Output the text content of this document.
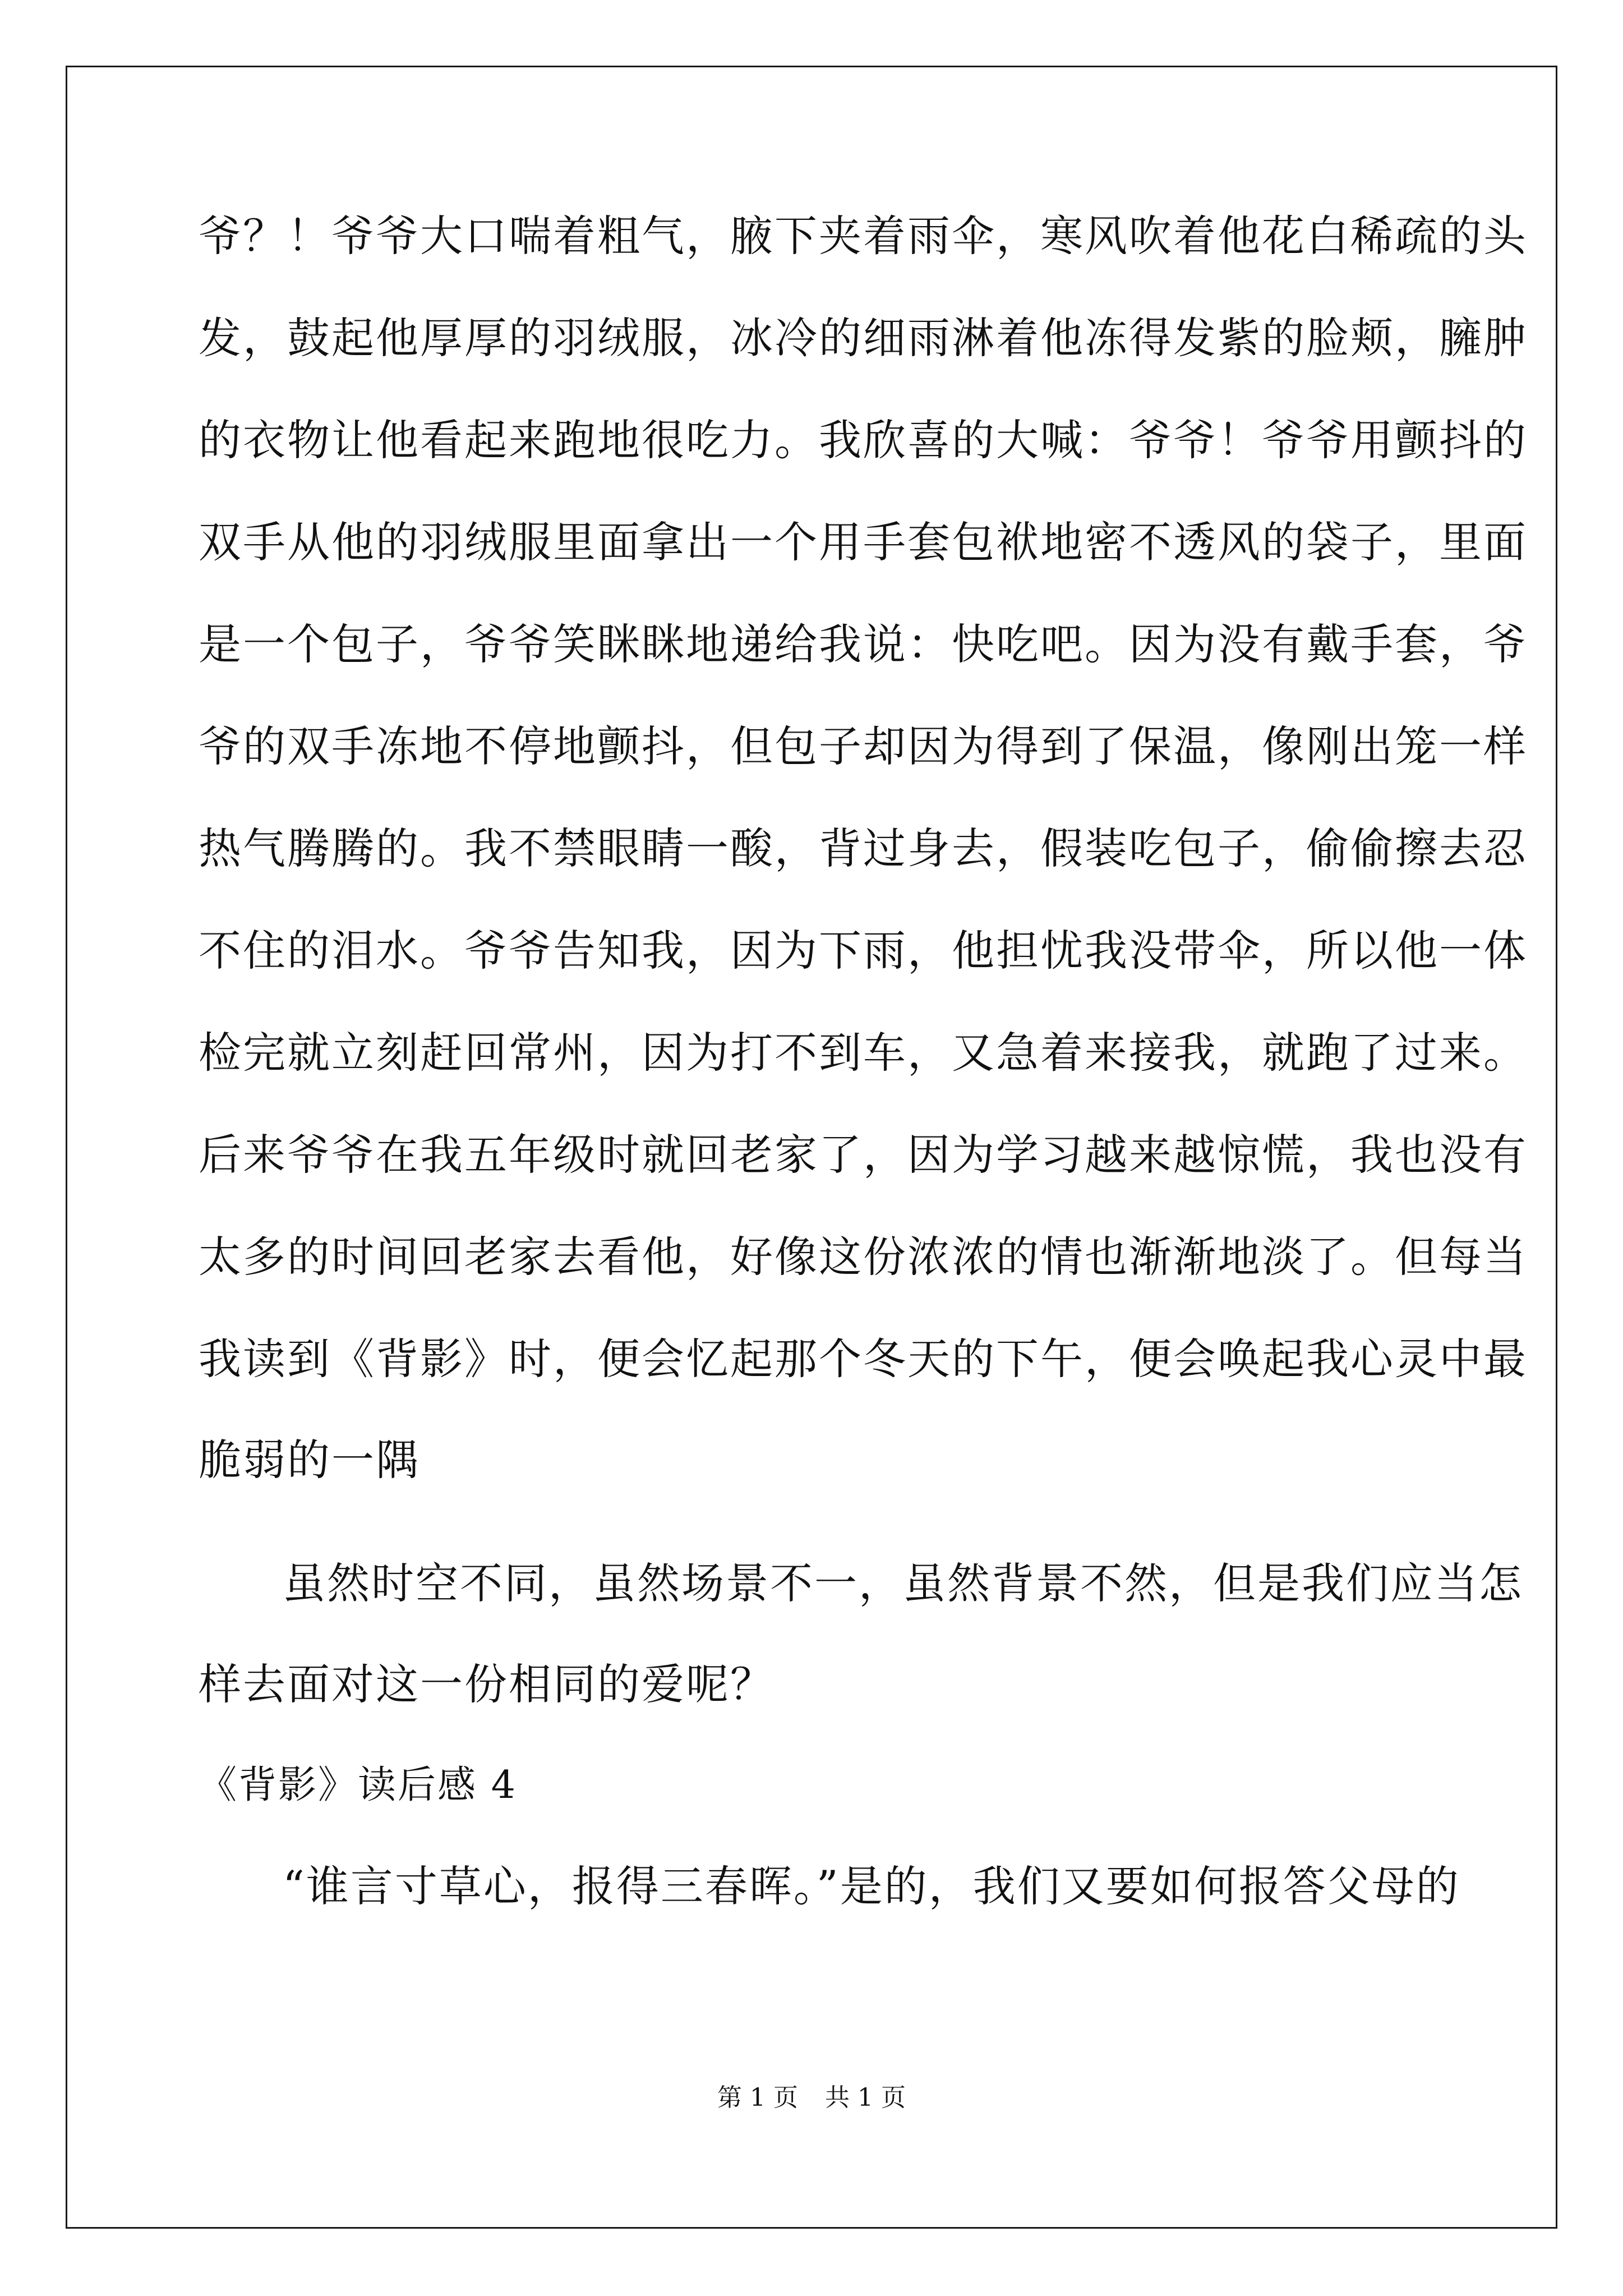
爷？！爷爷大口喘着粗气，腋下夹着雨伞，寒风吹着他花白稀疏的头
发，鼓起他厚厚的羽绒服，冰冷的细雨淋着他冻得发紫的脸颊，臃肿
的衣物让他看起来跑地很吃力。我欣喜的大喊：爷爷！爷爷用颤抖的
双手从他的羽绒服里面拿出一个用手套包袱地密不透风的袋子，里面
是一个包子，爷爷笑眯眯地递给我说：快吃吧。因为没有戴手套，爷
爷的双手冻地不停地颤抖，但包子却因为得到了保温，像刚出笼一样
热气腾腾的。我不禁眼睛一酸，背过身去，假装吃包子，偷偷擦去忍
不住的泪水。爷爷告知我，因为下雨，他担忧我没带伞，所以他一体
检完就立刻赶回常州，因为打不到车，又急着来接我，就跑了过来。
后来爷爷在我五年级时就回老家了，因为学习越来越惊慌，我也没有
太多的时间回老家去看他，好像这份浓浓的情也渐渐地淡了。但每当
我读到《背影》时，便会忆起那个冬天的下午，便会唤起我心灵中最
脆弱的一隅
虽然时空不同，虽然场景不一，虽然背景不然，但是我们应当怎
样去面对这一份相同的爱呢？
《背影》读后感 4
“谁言寸草心，报得三春晖。”是的，我们又要如何报答父母的
第 1 页 共 1 页
